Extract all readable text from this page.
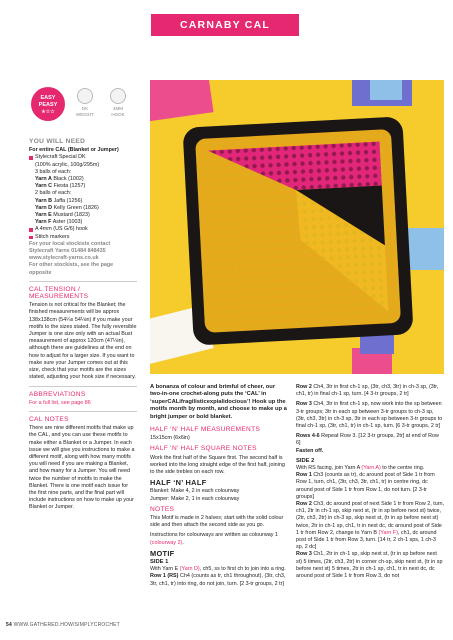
CARNABY CAL
EASY
PEASY
★☆☆
DK
WEIGHT
4MM
HOOK
YOU WILL NEED
For entire CAL (Blanket or Jumper)
Stylecraft Special DK
(100% acrylic, 100g/295m)
3 balls of each:
Yarn A Black (1002)
Yarn C Fiesta (1257)
2 balls of each:
Yarn B Jaffa (1256)
Yarn D Kelly Green (1826)
Yarn E Mustard (1823)
Yarn F Aster (1003)
A 4mm (US G/6) hook
Stitch markers
For your local stockists contact
Stylecraft Yarns 01484 848435
www.stylecraft-yarns.co.uk
For other stockists, see the page opposite
CAL TENSION / MEASUREMENTS

Tension is not critical for the Blanket; the finished measurements will be approx 138x138cm (54¼x 54¼in) if you make your motifs to the sizes stated. The fully reversible Jumper is one size only with an actual Bust measurement of approx 120cm (47¼in), although there are guidelines at the end on how to adjust for a larger size. If you want to make sure your Jumper comes out at this size, check that your motifs are the sizes stated, adjusting your hook size if necessary.

ABBREVIATIONS

For a full list, see page 86

CAL NOTES

There are nine different motifs that make up the CAL, and you can use these motifs to make either a Blanket or a Jumper. In each issue we will give you instructions to make a different motif, along with how many motifs you will need if you are making a Blanket, and how many for a Jumper. You will need twice the number of motifs to make the Blanket. There is one motif each issue for the first nine parts, and the final part will include instructions on how to make up your Blanket or Jumper.

A bonanza of colour and brimful of cheer, our two-in-one crochet-along puts the ‘CAL’ in ‘superCALifragilisticexpialidocious’! Hook up the motifs month by month, and choose to make up a bright jumper or bold blanket.

HALF ‘N’ HALF MEASUREMENTS

15x15cm (6x6in)

HALF ‘N’ HALF SQUARE NOTES

Work the first half of the Square first. The second half is worked into the long straight edge of the first half, joining to the side trebles on each row.

HALF ‘N’ HALF
Blanket: Make 4, 2 in each colourway

Jumper: Make 2, 1 in each colourway

NOTES

This Motif is made in 2 halves; start with the solid colour side and then attach the second side as you go.

Instructions for colourways are written as colourway 1 (colourway 2).

MOTIF
SIDE 1
With Yarn E (Yarn D), ch5, ss to first ch to join into a ring.
Row 1 (RS) Ch4 (counts as tr, ch1 throughout), (3tr, ch3, 3tr, ch1, tr) into ring, do not join, turn. [2 3-tr groups, 2 tr]

Row 2 Ch4, 3tr in first ch-1 sp, (3tr, ch3, 3tr) in ch-3 sp, (3tr, ch1, tr) in final ch-1 sp, turn. [4 3-tr groups, 2 tr]

Row 3 Ch4, 3tr in first ch-1 sp, now work into the sp between 3-tr groups; 3tr in each sp between 3-tr groups to ch-3 sp, (3tr, ch3, 3tr) in ch-3 sp, 3tr in each sp between 3-tr groups to final ch-1 sp, (3tr, ch1, tr) in ch-1 sp, turn. [6 3-tr groups, 2 tr]

Rows 4-6 Repeat Row 3. [12 3-tr groups, 2tr] at end of Row 6]

Fasten off.

SIDE 2
With RS facing, join Yarn A (Yarn A) to the centre ring.
Row 1 Ch3 (counts as tr), dc around post of Side 1 tr from Row 1, turn, ch1, (3tr, ch3, 3tr, ch1, tr) in centre ring, dc around post of Side 1 tr from Row 1, do not turn. [2 3-tr groups]
Row 2 Ch3, dc around post of next Side 1 tr from Row 2, turn, ch1, 2tr in ch-1 sp, skip next st, (tr in sp before next st) twice, (2tr, ch3, 2tr) in ch-3 sp, skip next st, (tr in sp before next st) twice, 2tr in ch-1 sp, ch1, tr in next dc, dc around post of Side 1 tr from Row 2, change to Yarn B (Yarn F), ch1, dc around post of Side 1 tr from Row 3, turn. [14 tr, 2 ch-1 sps, 1 ch-3 sp, 2 dc]
Row 3 Ch1, 2tr in ch-1 sp, skip next st, (tr in sp before next st) 5 times, (2tr, ch3, 2tr) in corner ch-sp, skip next st, (tr in sp before next st) 5 times, 2tr in ch-1 sp, ch1, tr in next dc, dc around post of Side 1 tr from Row 3, do not
54 WWW.GATHERED.HOW/SIMPLYCROCHET
